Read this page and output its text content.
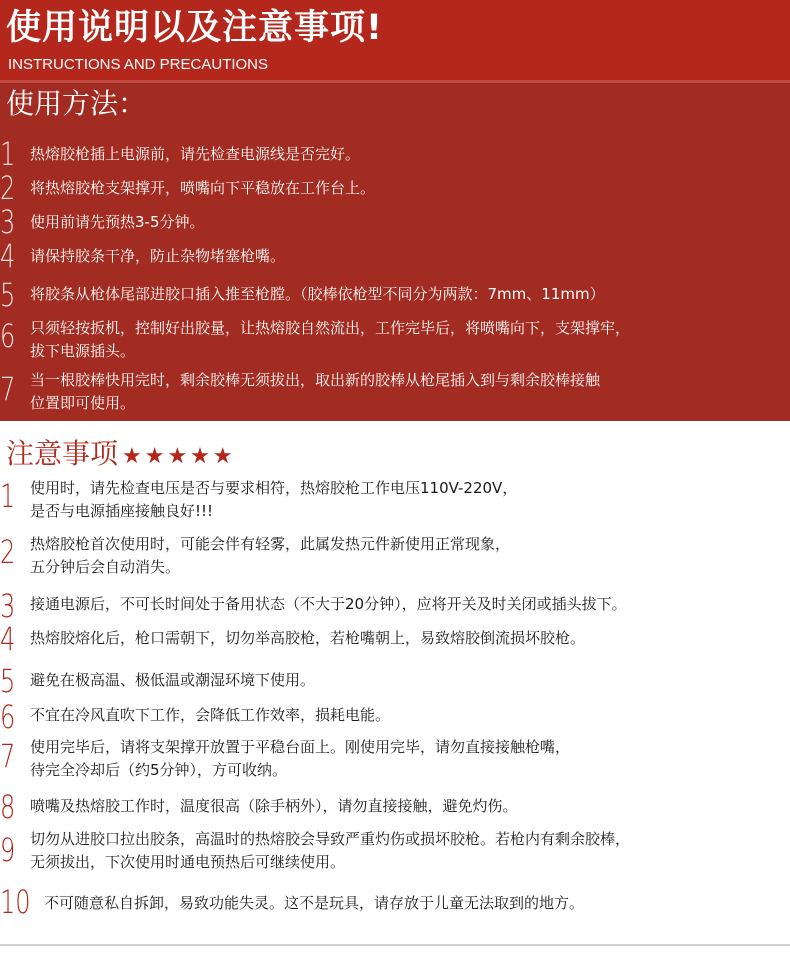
使用说明以及注意事项!
INSTRUCTIONS AND PRECAUTIONS
1 热熔胶枪插上电源前，请先检查电源线是否完好。
2 将热熔胶枪支架撑开，喷嘴向下平稳放在工作台上。
3 使用前请先预热3-5分钟。
4 请保持胶条干净，防止杂物堵塞枪嘴。
5 将胶条从枪体尾部进胶口插入推至枪膛。（胶棒依枪型不同分为两款：7mm、11mm）
6 只须轻按扳机，控制好出胶量，让热熔胶自然流出，工作完毕后，将喷嘴向下，支架撑牢，
拔下电源插头。
7 当一根胶棒快用完时，剩余胶棒无须拔出，取出新的胶棒从枪尾插入到与剩余胶棒接触
位置即可使用。
使用方法：
注意事项 ★★★★★
1 使用时，请先检查电压是否与要求相符，热熔胶枪工作电压110V-220V，
是否与电源插座接触良好!!!
2 热熔胶枪首次使用时，可能会伴有轻雾，此属发热元件新使用正常现象，
五分钟后会自动消失。
3 接通电源后，不可长时间处于备用状态（不大于20分钟），应将开关及时关闭或插头拔下。
4 热熔胶熔化后，枪口需朝下，切勿举高胶枪，若枪嘴朝上，易致熔胶倒流损坏胶枪。
5 避免在极高温、极低温或潮湿环境下使用。
6 不宜在冷风直吹下工作，会降低工作效率，损耗电能。
7 使用完毕后，请将支架撑开放置于平稳台面上。刚使用完毕，请勿直接接触枪嘴，
待完全冷却后（约5分钟），方可收纳。
8 喷嘴及热熔胶工作时，温度很高（除手柄外），请勿直接接触，避免灼伤。
9 切勿从进胶口拉出胶条，高温时的热熔胶会导致严重灼伤或损坏胶枪。若枪内有剩余胶棒，
无须拔出，下次使用时通电预热后可继续使用。
10 不可随意私自拆卸，易致功能失灵。这不是玩具，请存放于儿童无法取到的地方。
